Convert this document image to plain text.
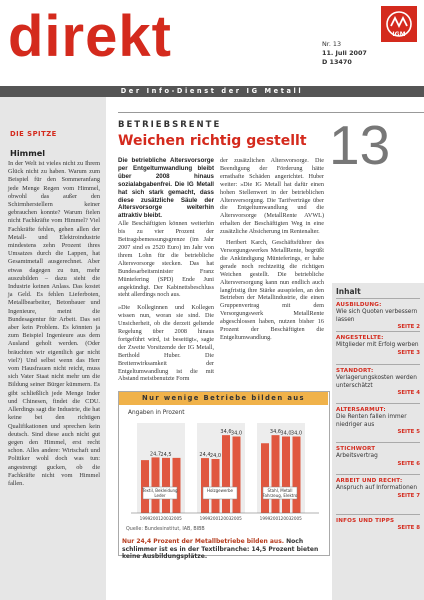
direkt	Nr. 13
11. Juli 2007
D 13470
IGM
Der Info-Dienst der IG Metall
DIE SPITZE
Himmel
In der Welt ist vieles nicht zu Ihrem Glück nicht zu haben. Warum zum Beispiel für den Sommeranfang jede Menge Regen vom Himmel, obwohl das außer den Schirmherstellern keiner gebrauchen konnte? Warum fielen nicht Fachkräfte vom Himmel? Viel Fachkräfte fehlen, gehen allen der Metall- und Elektroindustrie mindestens zehn Prozent ihres Umsatzes durch die Lappen, hat Gesamtmetall ausgerechnet. Aber etwas dagegen zu tun, mehr auszubilden – dazu sieht die Industrie keinen Anlass. Das kostet ja Geld. Es fehlen Lieferboten, Metallbearbeiter, Betonbauer und Ingenieure, meint die Bundesagentur für Arbeit. Das sei aber kein Problem. Es könnten ja zum Beispiel Ingenieure aus dem Ausland geholt werden. (Oder bräuchten wir eigentlich gar nicht viel?) Und selbst wenn das Herr vom Hausfrauen nicht reicht, muss sich Vater Staat nicht mehr um die Bildung seiner Bürger kümmern. Es gibt schließlich jede Menge Inder und Chinesen, findet die CDU. Allerdings sagt die Industrie, die hat keine bei den richtigen Qualifikationen und sprechen kein deutsch. Sind diese auch nicht gut gegen den Himmel, erst recht schon. Alles andere: Wirtschaft und Politiker wohl doch was tun: angestrengt gucken, ob die Fachkräfte nicht vom Himmel fallen.
BETRIEBSRENTE
Weichen richtig gestellt 13

Die betriebliche Altersvorsorge per Entgeltumwandlung bleibt über 2008 hinaus sozialabgabenfrei. Die IG Metall hat sich stark gemacht, dass diese zusätzliche Säule der Altersvorsorge weiterhin attraktiv bleibt.

Alle Beschäftigten können weiterhin bis zu vier Prozent der Beitragsbemessungsgrenze (im Jahr 2007 sind es 2520 Euro) im Jahr von ihrem Lohn für die betriebliche Altersvorsorge stecken. Das hat Bundesarbeitsminister Franz Müntefering (SPD) Ende Juni angekündigt. Der Kabinettsbeschluss steht allerdings noch aus.

»Die Kolleginnen und Kollegen wissen nun, woran sie sind. Die Unsicherheit, ob die derzeit geltende Regelung über 2008 hinaus fortgeführt wird, ist beseitigt«, sagte der Zweite Vorsitzende der IG Metall, Berthold Huber. Die Breitenwirksamkeit der Entgeltumwandlung ist die mit Abstand meistbenutzte Form

der zusätzlichen Altersvorsorge. Die Beendigung der Förderung hätte ernsthafte Schäden angerichtet. Huber weiter: »Die IG Metall hat dafür einen hohen Stellenwert in der betrieblichen Altersversorgung. Die Tarifverträge über die Entgeltumwandlung und die Altersvorsorge (MetallRente AVWL) erhalten der Beschäftigten Weg in eine zusätzliche Absicherung im Rentenalter.

Heribert Karch, Geschäftsführer des Versorgungswerkes MetallRente, begrüßt die Ankündigung Münteferings, er habe gerade noch rechtzeitig die richtigen Weichen gestellt. Die betriebliche Altersversorgung kann nun endlich auch langfristig ihre Stärke ausspielen, an den Betrieben der Metallindustrie, die einen Gruppenvertrag mit dem Versorgungswerk MetallRente abgeschlossen haben, nutzen bisher 16 Prozent der Beschäftigten die Entgeltumwandlung.

Inhalt
AUSBILDUNG:
Wie sich Quoten verbessern lassen
SEITE 2
ANGESTELLTE:
Mitglieder mit Erfolg werben
SEITE 3
STANDORT:
Verlagerungskosten werden unterschätzt
SEITE 4
ALTERSARMUT:
Die Renten fallen immer niedriger aus
SEITE 5
STICHWORT
Arbeitsvertrag
SEITE 6
ARBEIT UND RECHT:
Anspruch auf Informationen
SEITE 7
INFOS UND TIPPS
SEITE 8
Nur wenige Betriebe bilden aus
Angaben in Prozent
1999
24,7
2001
24,5
2003 2005
Textil, Bekleidung
Leder
24,4
1999
24,0
2001
34,6
2003
34,0
2005
Holzgewerbe
1999
34,6
2001
34,0
2003
34,0
2005
Stahl, Metall
Fahrzeug, Elektro
Quelle: Bundesinstitut, IAB, BIBB
Nur 24,4 Prozent der Metallbetriebe bilden aus. Noch schlimmer ist es in der Textilbranche: 14,5 Prozent bieten keine Ausbildungsplätze.
